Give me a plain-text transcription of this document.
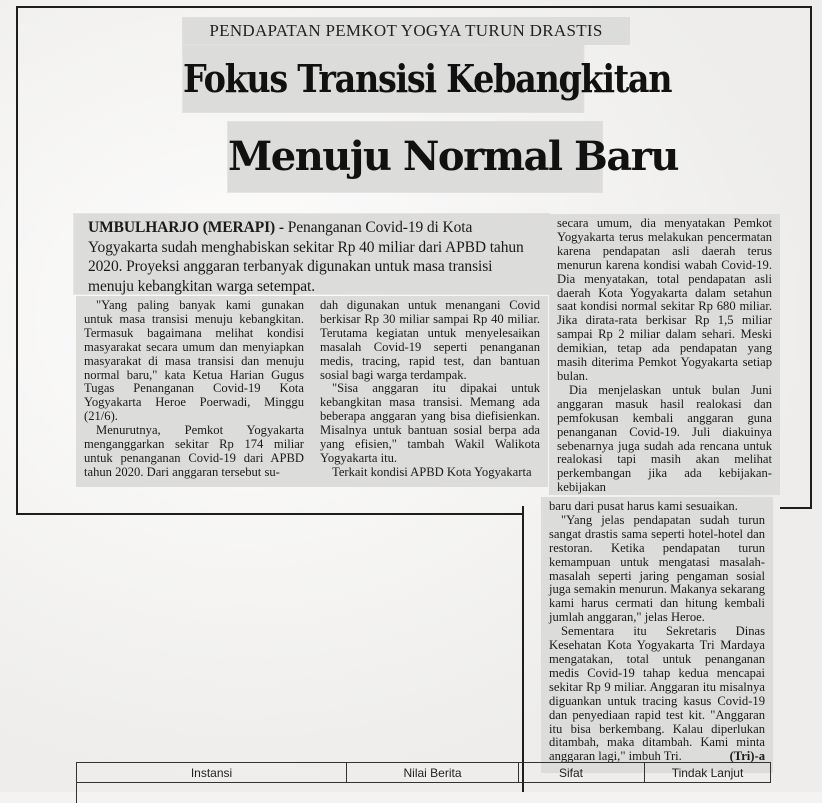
PENDAPATAN PEMKOT YOGYA TURUN DRASTIS
Fokus Transisi Kebangkitan
Menuju Normal Baru
UMBULHARJO (MERAPI) - Penanganan Covid-19 di Kota Yogyakarta sudah menghabiskan sekitar Rp 40 miliar dari APBD tahun 2020. Proyeksi anggaran terbanyak digunakan untuk masa transisi menuju kebangkitan warga setempat.

"Yang paling banyak kami gunakan untuk masa transisi menuju kebangkitan. Termasuk bagaimana melihat kondisi masyarakat secara umum dan menyiapkan masyarakat di masa transisi dan menuju normal baru," kata Ketua Harian Gugus Tugas Penanganan Covid-19 Kota Yogyakarta Heroe Poerwadi, Minggu (21/6).

Menurutnya, Pemkot Yogyakarta menganggarkan sekitar Rp 174 miliar untuk penanganan Covid-19 dari APBD tahun 2020. Dari anggaran tersebut su-

dah digunakan untuk menangani Covid berkisar Rp 30 miliar sampai Rp 40 miliar. Terutama kegiatan untuk menyelesaikan masalah Covid-19 seperti penanganan medis, tracing, rapid test, dan bantuan sosial bagi warga terdampak.

"Sisa anggaran itu dipakai untuk kebangkitan masa transisi. Memang ada beberapa anggaran yang bisa diefisienkan. Misalnya untuk bantuan sosial berpa ada yang efisien," tambah Wakil Walikota Yogyakarta itu.

Terkait kondisi APBD Kota Yogyakarta

secara umum, dia menyatakan Pemkot Yogyakarta terus melakukan pencermatan karena pendapatan asli daerah terus menurun karena kondisi wabah Covid-19. Dia menyatakan, total pendapatan asli daerah Kota Yogyakarta dalam setahun saat kondisi normal sekitar Rp 680 miliar. Jika dirata-rata berkisar Rp 1,5 miliar sampai Rp 2 miliar dalam sehari. Meski demikian, tetap ada pendapatan yang masih diterima Pemkot Yogyakarta setiap bulan.

Dia menjelaskan untuk bulan Juni anggaran masuk hasil realokasi dan pemfokusan kembali anggaran guna penanganan Covid-19. Juli diakuinya sebenarnya juga sudah ada rencana untuk realokasi tapi masih akan melihat perkembangan jika ada kebijakan-kebijakan

baru dari pusat harus kami sesuaikan.

"Yang jelas pendapatan sudah turun sangat drastis sama seperti hotel-hotel dan restoran. Ketika pendapatan turun kemampuan untuk mengatasi masalah-masalah seperti jaring pengaman sosial juga semakin menurun. Makanya sekarang kami harus cermati dan hitung kembali jumlah anggaran," jelas Heroe.

Sementara itu Sekretaris Dinas Kesehatan Kota Yogyakarta Tri Mardaya mengatakan, total untuk penanganan medis Covid-19 tahap kedua mencapai sekitar Rp 9 miliar. Anggaran itu misalnya diguankan untuk tracing kasus Covid-19 dan penyediaan rapid test kit. "Anggaran itu bisa berkembang. Kalau diperlukan ditambah, maka ditambah. Kami minta anggaran lagi," imbuh Tri.	(Tri)-a

Instansi	Nilai Berita	Sifat	Tindak Lanjut
